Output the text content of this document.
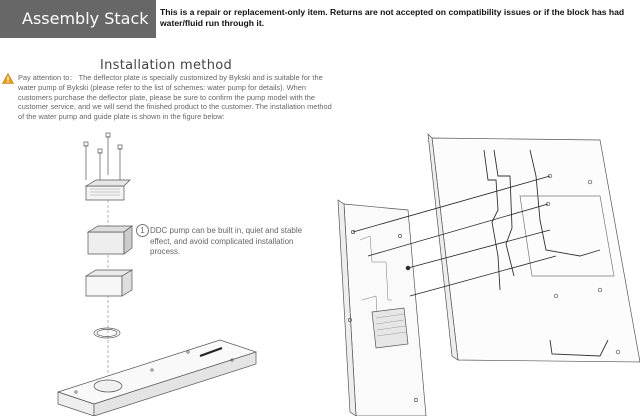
​
Assembly Stack	This is a repair or replacement-only item. Returns are not accepted on compatibility issues or if the block has had water/fluid run through it.
Installation method
Pay attention to： The deflector plate is specially customized by Bykski and is suitable for the water pump of Bykski (please refer to the list of schemes: water pump for details). When customers purchase the deflector plate, please be sure to confirm the pump model with the customer service, and we will send the finished product to the customer. The installation method of the water pump and guide plate is shown in the figure below:
1 DDC pump can be built in, quiet and stable effect, and avoid complicated installation process.
